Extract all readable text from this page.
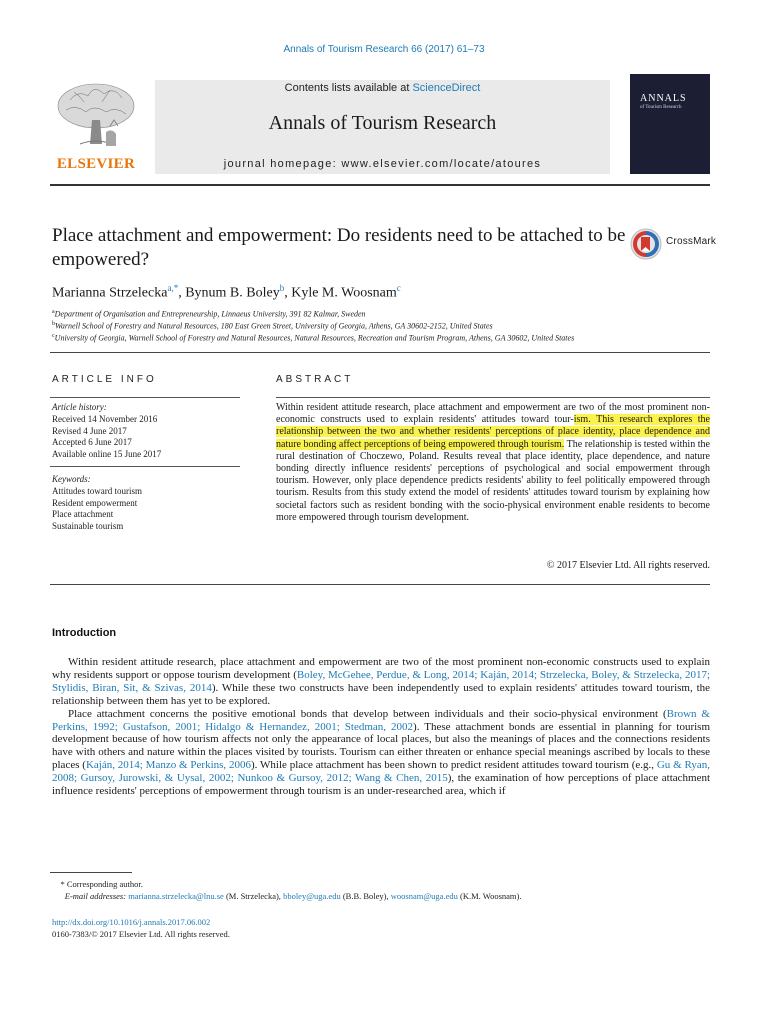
Annals of Tourism Research 66 (2017) 61–73
ELSEVIER
Contents lists available at ScienceDirect
Annals of Tourism Research
journal homepage: www.elsevier.com/locate/atoures
ANNALS
of Tourism Research
Place attachment and empowerment: Do residents need to be attached to be empowered?
CrossMark
Marianna Strzelecka$^{a,*}$, Bynum B. Boley$^b$, Kyle M. Woosnam$^c$
$^a$Department of Organisation and Entrepreneurship, Linnaeus University, 391 82 Kalmar, Sweden
$^b$Warnell School of Forestry and Natural Resources, 180 East Green Street, University of Georgia, Athens, GA 30602-2152, United States
$^c$University of Georgia, Warnell School of Forestry and Natural Resources, Natural Resources, Recreation and Tourism Program, Athens, GA 30602, United States
ARTICLE INFO
Article history:
Received 14 November 2016
Revised 4 June 2017
Accepted 6 June 2017
Available online 15 June 2017
Keywords:
Attitudes toward tourism
Resident empowerment
Place attachment
Sustainable tourism
ABSTRACT
Within resident attitude research, place attachment and empowerment are two of the most prominent non-economic constructs used to explain residents' attitudes toward tour-ism. This research explores the relationship between the two and whether residents' perceptions of place identity, place dependence and nature bonding affect perceptions of being empowered through tourism. The relationship is tested within the rural destination of Choczewo, Poland. Results reveal that place identity, place dependence, and nature bonding directly influence residents' perceptions of psychological and social empowerment through tourism. However, only place dependence predicts residents' ability to feel politically empowered through tourism. Results from this study extend the model of residents' attitudes toward tourism by explaining how societal factors such as resident bonding with the socio-physical environment enable residents to become more empowered through tourism development.
© 2017 Elsevier Ltd. All rights reserved.
Introduction

Within resident attitude research, place attachment and empowerment are two of the most prominent non-economic constructs used to explain why residents support or oppose tourism development (Boley, McGehee, Perdue, & Long, 2014; Kaján, 2014; Strzelecka, Boley, & Strzelecka, 2017; Stylidis, Biran, Sit, & Szivas, 2014). While these two constructs have been independently used to explain residents' attitudes toward tourism, the relationship between them has yet to be explored.

Place attachment concerns the positive emotional bonds that develop between individuals and their socio-physical environment (Brown & Perkins, 1992; Gustafson, 2001; Hidalgo & Hernandez, 2001; Stedman, 2002). These attachment bonds are essential in planning for tourism development because of how tourism affects not only the appearance of local places, but also the meanings of places and the connections residents have with others and nature within the places visited by tourists. Tourism can either threaten or enhance special meanings ascribed by locals to these places (Kaján, 2014; Manzo & Perkins, 2006). While place attachment has been shown to predict resident attitudes toward tourism (e.g., Gu & Ryan, 2008; Gursoy, Jurowski, & Uysal, 2002; Nunkoo & Gursoy, 2012; Wang & Chen, 2015), the examination of how perceptions of place attachment influence residents' perceptions of empowerment through tourism is an under-researched area, which if

* Corresponding author.
E-mail addresses: marianna.strzelecka@lnu.se (M. Strzelecka), bboley@uga.edu (B.B. Boley), woosnam@uga.edu (K.M. Woosnam).
http://dx.doi.org/10.1016/j.annals.2017.06.002
0160-7383/© 2017 Elsevier Ltd. All rights reserved.
